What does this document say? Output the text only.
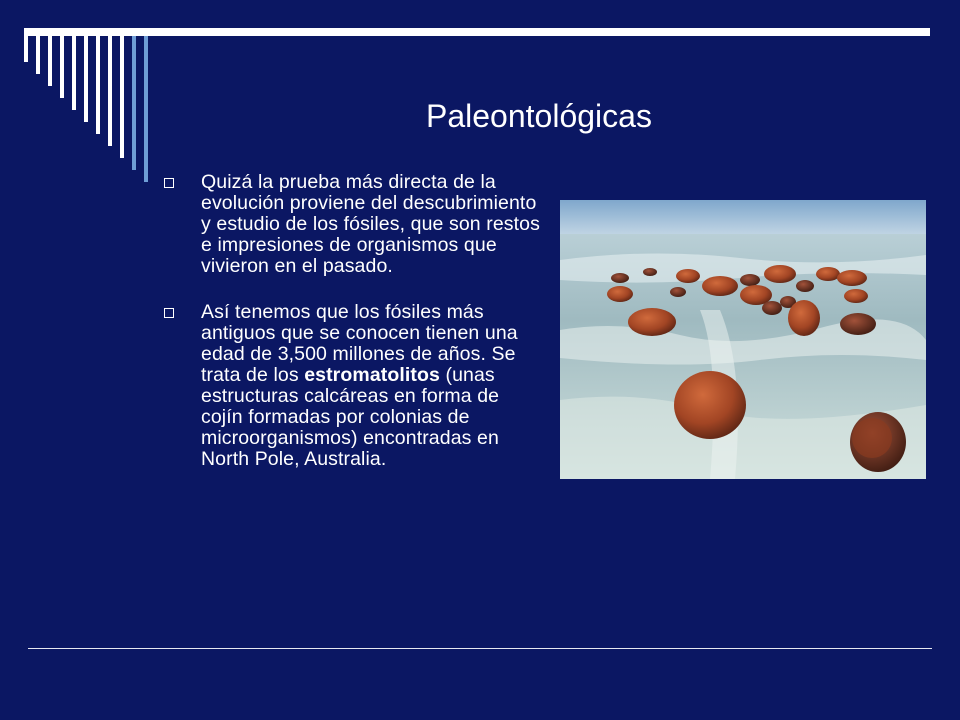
Paleontológicas
Quizá la prueba más directa de la evolución proviene del descubrimiento y estudio de los fósiles, que son restos e impresiones de organismos que vivieron en el pasado.
Así tenemos que los fósiles más antiguos que se conocen tienen una edad de 3,500 millones de años. Se trata de los estromatolitos (unas estructuras calcáreas en forma de cojín formadas por colonias de microorganismos) encontradas en North Pole, Australia.
